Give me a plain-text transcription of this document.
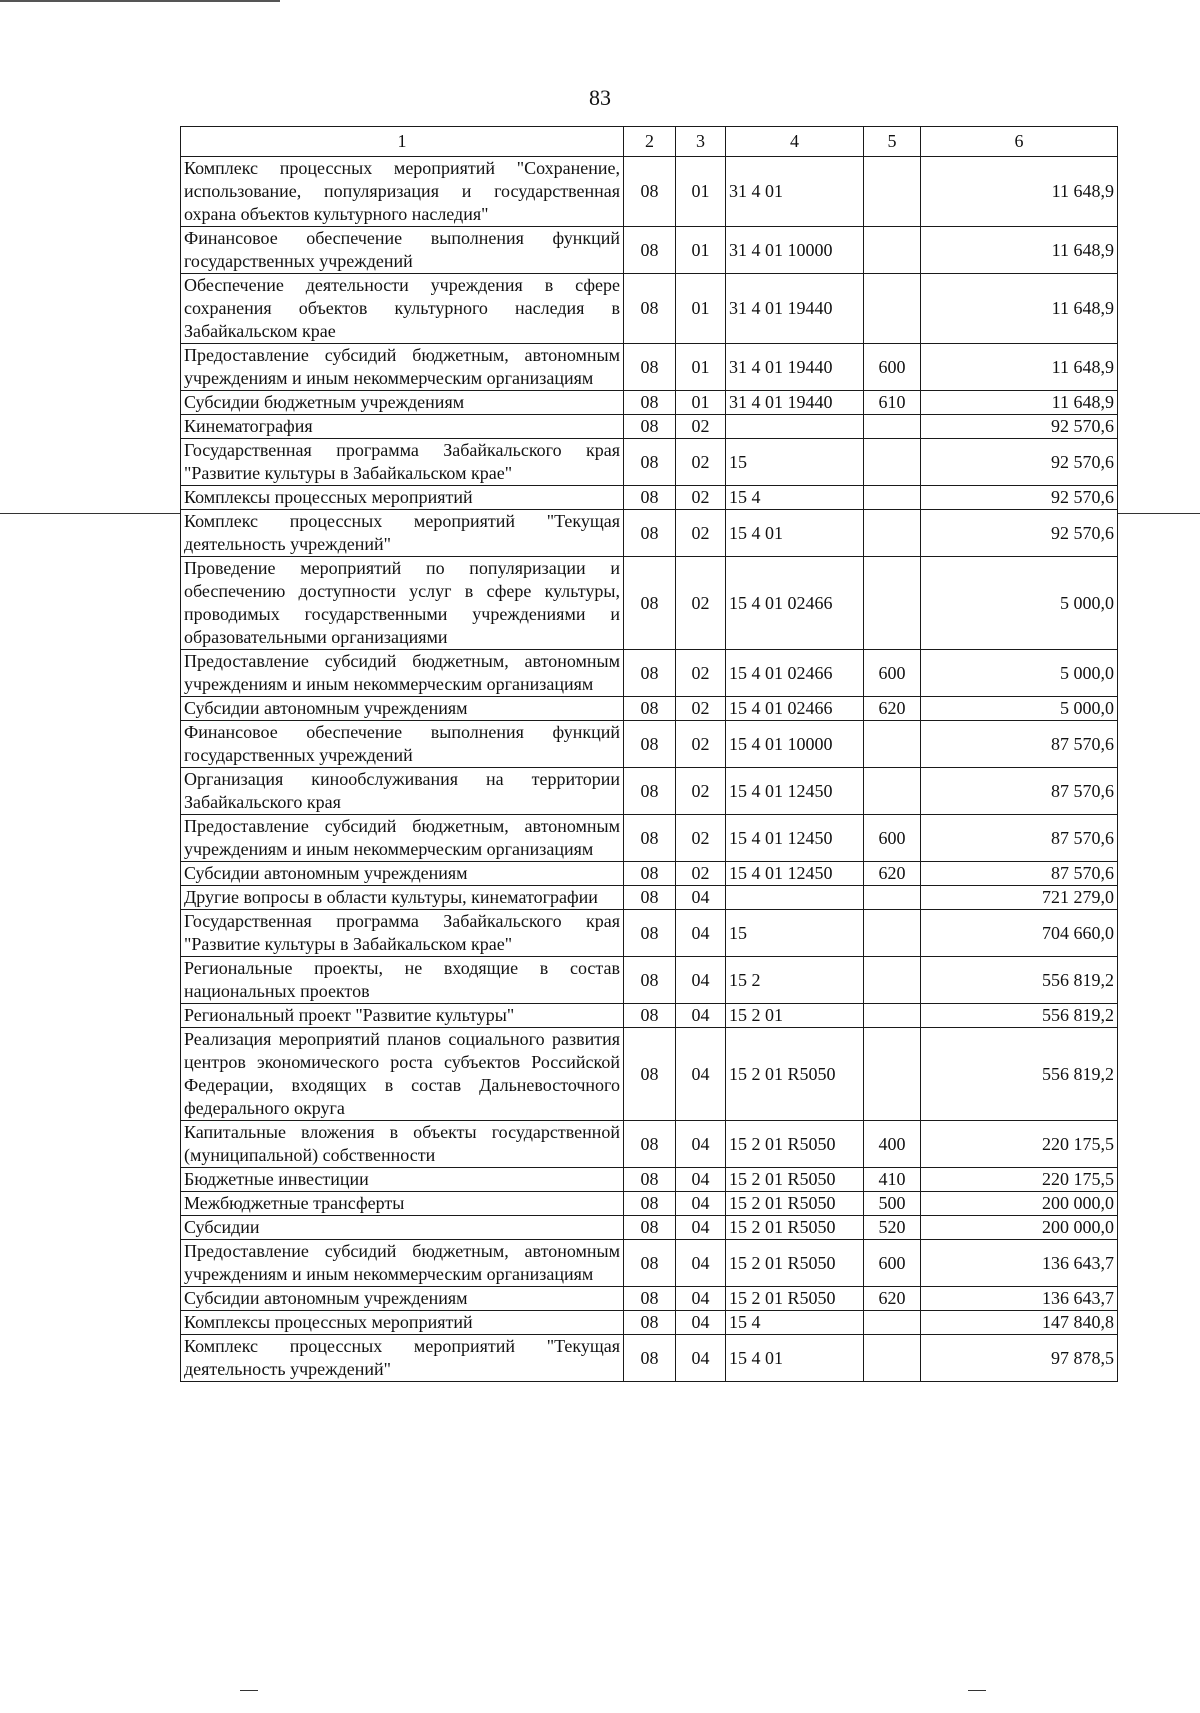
83
1	2	3	4	5	6
Комплекс процессных мероприятий "Сохранение, использование, популяризация и государственная охрана объектов культурного наследия"	08	01	31 4 01		11 648,9
Финансовое обеспечение выполнения функций государственных учреждений	08	01	31 4 01 10000		11 648,9
Обеспечение деятельности учреждения в сфере сохранения объектов культурного наследия в Забайкальском крае	08	01	31 4 01 19440		11 648,9
Предоставление субсидий бюджетным, автономным учреждениям и иным некоммерческим организациям	08	01	31 4 01 19440	600	11 648,9
Субсидии бюджетным учреждениям	08	01	31 4 01 19440	610	11 648,9
Кинематография	08	02			92 570,6
Государственная программа Забайкальского края "Развитие культуры в Забайкальском крае"	08	02	15		92 570,6
Комплексы процессных мероприятий	08	02	15 4		92 570,6
Комплекс процессных мероприятий "Текущая деятельность учреждений"	08	02	15 4 01		92 570,6
Проведение мероприятий по популяризации и обеспечению доступности услуг в сфере культуры, проводимых государственными учреждениями и образовательными организациями	08	02	15 4 01 02466		5 000,0
Предоставление субсидий бюджетным, автономным учреждениям и иным некоммерческим организациям	08	02	15 4 01 02466	600	5 000,0
Субсидии автономным учреждениям	08	02	15 4 01 02466	620	5 000,0
Финансовое обеспечение выполнения функций государственных учреждений	08	02	15 4 01 10000		87 570,6
Организация кинообслуживания на территории Забайкальского края	08	02	15 4 01 12450		87 570,6
Предоставление субсидий бюджетным, автономным учреждениям и иным некоммерческим организациям	08	02	15 4 01 12450	600	87 570,6
Субсидии автономным учреждениям	08	02	15 4 01 12450	620	87 570,6
Другие вопросы в области культуры, кинематографии	08	04			721 279,0
Государственная программа Забайкальского края "Развитие культуры в Забайкальском крае"	08	04	15		704 660,0
Региональные проекты, не входящие в состав национальных проектов	08	04	15 2		556 819,2
Региональный проект "Развитие культуры"	08	04	15 2 01		556 819,2
Реализация мероприятий планов социального развития центров экономического роста субъектов Российской Федерации, входящих в состав Дальневосточного федерального округа	08	04	15 2 01 R5050		556 819,2
Капитальные вложения в объекты государственной (муниципальной) собственности	08	04	15 2 01 R5050	400	220 175,5
Бюджетные инвестиции	08	04	15 2 01 R5050	410	220 175,5
Межбюджетные трансферты	08	04	15 2 01 R5050	500	200 000,0
Субсидии	08	04	15 2 01 R5050	520	200 000,0
Предоставление субсидий бюджетным, автономным учреждениям и иным некоммерческим организациям	08	04	15 2 01 R5050	600	136 643,7
Субсидии автономным учреждениям	08	04	15 2 01 R5050	620	136 643,7
Комплексы процессных мероприятий	08	04	15 4		147 840,8
Комплекс процессных мероприятий "Текущая деятельность учреждений"	08	04	15 4 01		97 878,5
